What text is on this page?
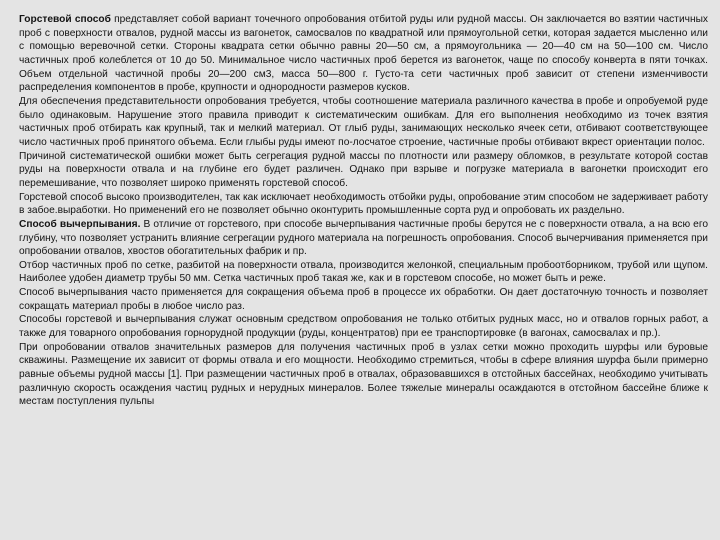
Горстевой способ представляет собой вариант точечного опробования отбитой руды или рудной массы. Он заключается во взятии частичных проб с поверхности отвалов, рудной массы из вагонеток, самосвалов по квадратной или прямоугольной сетки, которая задается мысленно или с помощью веревочной сетки. Стороны квадрата сетки обычно равны 20—50 см, а прямоугольника — 20—40 см на 50—100 см. Число частичных проб колеблется от 10 до 50. Минимальное число частичных проб берется из вагонеток, чаще по способу конверта в пяти точках. Объем отдельной частичной пробы 20—200 см3, масса 50—800 г. Густо-та сети частичных проб зависит от степени изменчивости распределения компонентов в пробе, крупности и однородности размеров кусков.

Для обеспечения представительности опробования требуется, чтобы соотношение материала различного качества в пробе и опробуемой руде было одинаковым. Нарушение этого правила приводит к систематическим ошибкам. Для его выполнения необходимо из точек взятия частичных проб отбирать как крупный, так и мелкий материал. От глыб руды, занимающих несколько ячеек сети, отбивают соответствующее число частичных проб принятого объема. Если глыбы руды имеют по-лосчатое строение, частичные пробы отбивают вкрест ориентации полос.

Причиной систематической ошибки может быть сегрегация рудной массы по плотности или размеру обломков, в результате которой состав руды на поверхности отвала и на глубине его будет различен. Однако при взрыве и погрузке материала в вагонетки происходит его перемешивание, что позволяет широко применять горстевой способ.

Горстевой способ высоко производителен, так как исключает необходимость отбойки руды, опробование этим способом не задерживает работу в забое.выработки. Но применений его не позволяет обычно оконтурить промышленные сорта руд и опробовать их раздельно.

Способ вычерпывания. В отличие от горстевого, при способе вычерпывания частичные пробы берутся не с поверхности отвала, а на всю его глубину, что позволяет устранить влияние сегрегации рудного материала на погрешность опробования. Способ вычерчивания применяется при опробовании отвалов, хвостов обогатительных фабрик и пр.

Отбор частичных проб по сетке, разбитой на поверхности отвала, производится желонкой, специальным пробоотборником, трубой или щупом. Наиболее удобен диаметр трубы 50 мм. Сетка частичных проб такая же, как и в горстевом способе, но может быть и реже.

Способ вычерпывания часто применяется для сокращения объема проб в процессе их обработки. Он дает достаточную точность и позволяет сокращать материал пробы в любое число раз.

Способы горстевой и вычерпывания служат основным средством опробования не только отбитых рудных масс, но и отвалов горных работ, а также для товарного опробования горнорудной продукции (руды, концентратов) при ее транспортировке (в вагонах, самосвалах и пр.).

При опробовании отвалов значительных размеров для получения частичных проб в узлах сетки можно проходить шурфы или буровые скважины. Размещение их зависит от формы отвала и его мощности. Необходимо стремиться, чтобы в сфере влияния шурфа были примерно равные объемы рудной массы [1]. При размещении частичных проб в отвалах, образовавшихся в отстойных бассейнах, необходимо учитывать различную скорость осаждения частиц рудных и нерудных минералов. Более тяжелые минералы осаждаются в отстойном бассейне ближе к местам поступления пульпы
